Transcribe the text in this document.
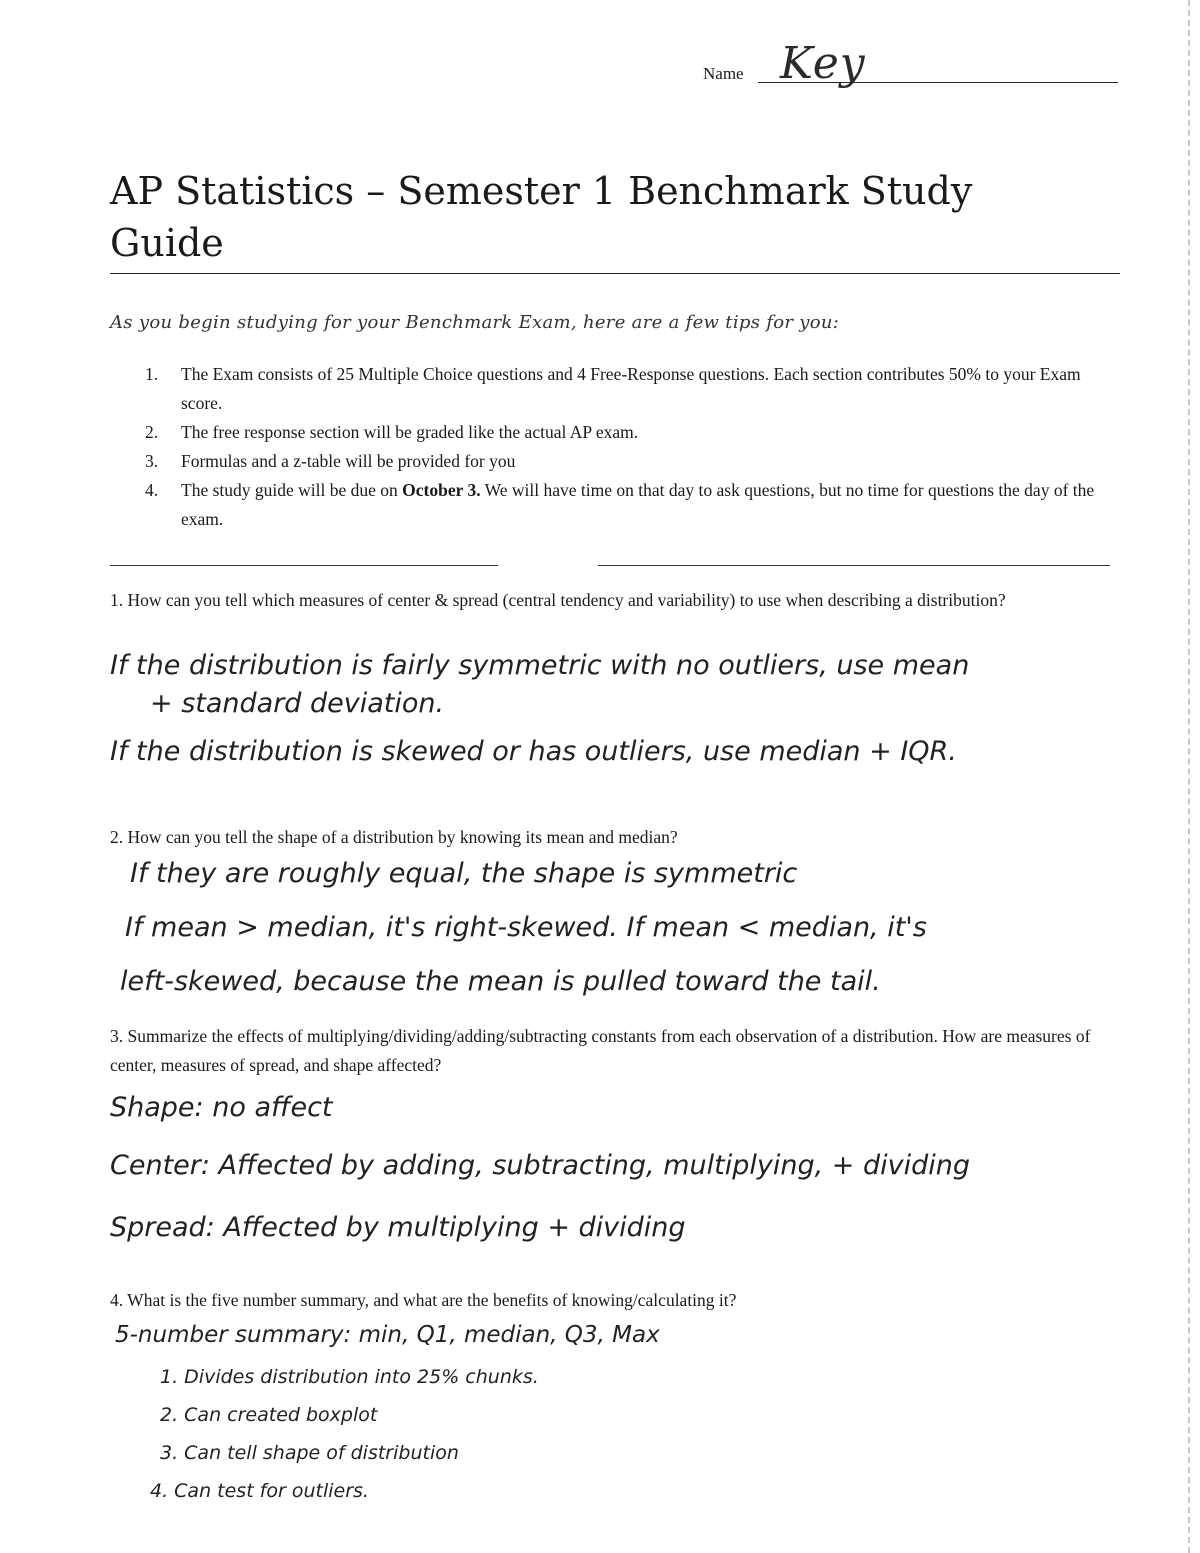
Name Key
AP Statistics – Semester 1 Benchmark Study Guide
As you begin studying for your Benchmark Exam, here are a few tips for you:
1. The Exam consists of 25 Multiple Choice questions and 4 Free-Response questions. Each section contributes 50% to your Exam score.
2. The free response section will be graded like the actual AP exam.
3. Formulas and a z-table will be provided for you
4. The study guide will be due on October 3. We will have time on that day to ask questions, but no time for questions the day of the exam.
1. How can you tell which measures of center & spread (central tendency and variability) to use when describing a distribution?
If the distribution is fairly symmetric with no outliers, use mean
+ standard deviation.
If the distribution is skewed or has outliers, use median + IQR.
2. How can you tell the shape of a distribution by knowing its mean and median?
If they are roughly equal, the shape is symmetric
If mean > median, it's right-skewed. If mean < median, it's
left-skewed, because the mean is pulled toward the tail.
3. Summarize the effects of multiplying/dividing/adding/subtracting constants from each observation of a distribution. How are measures of center, measures of spread, and shape affected?
Shape: no affect
Center: Affected by adding, subtracting, multiplying, + dividing
Spread: Affected by multiplying + dividing
4. What is the five number summary, and what are the benefits of knowing/calculating it?
5-number summary: min, Q1, median, Q3, Max
1. Divides distribution into 25% chunks.
2. Can created boxplot
3. Can tell shape of distribution
4. Can test for outliers.
